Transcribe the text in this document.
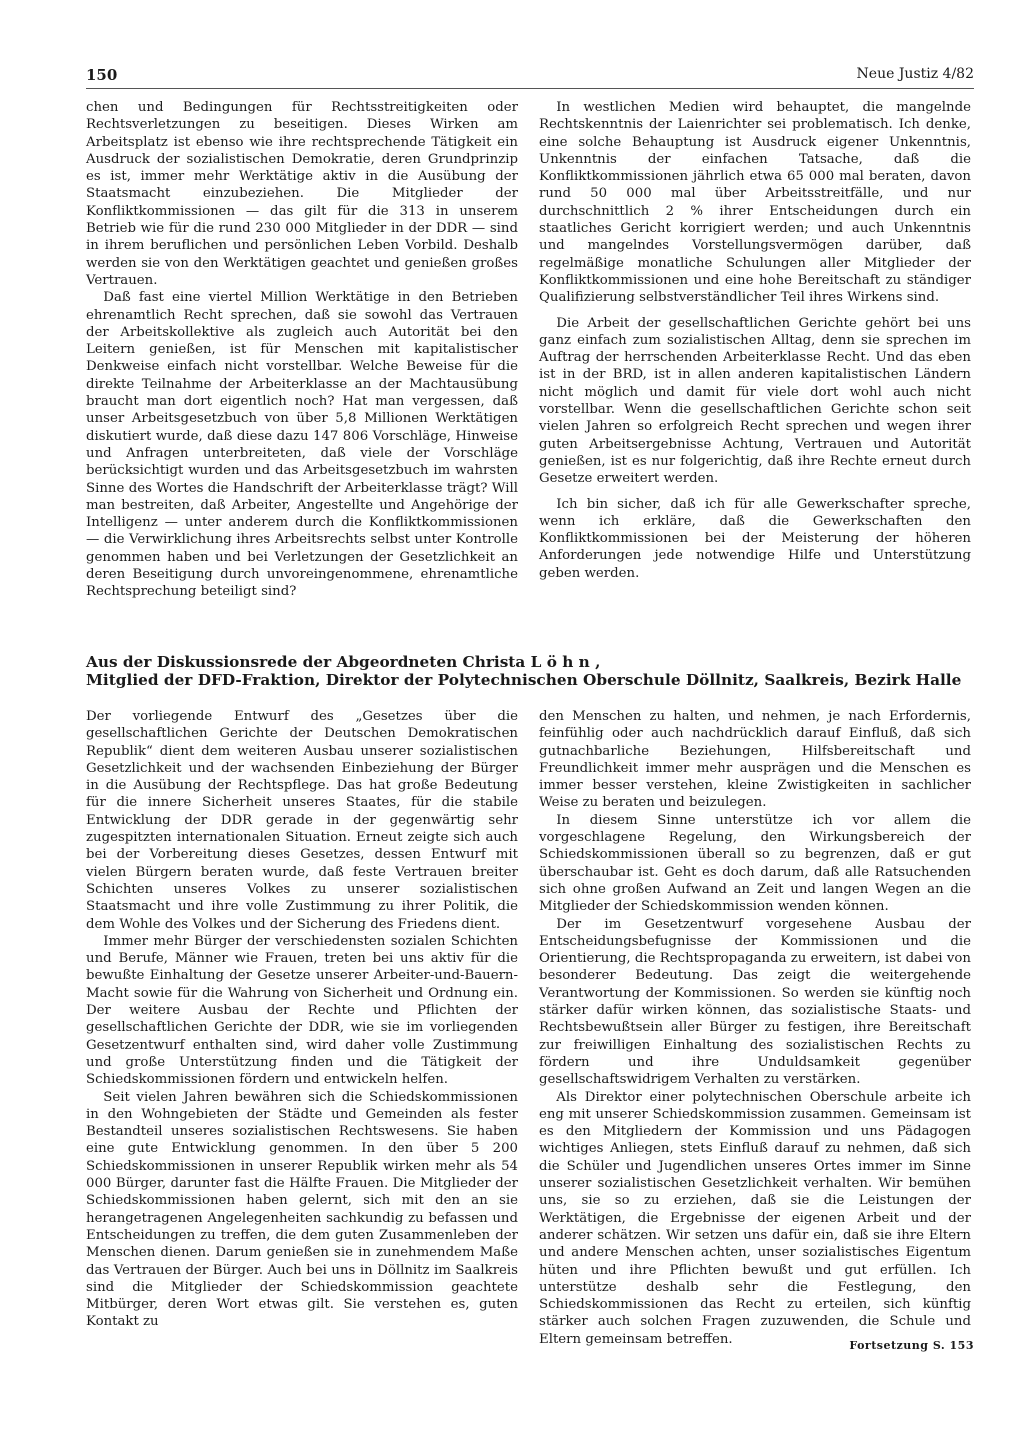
150	Neue Justiz 4/82

chen und Bedingungen für Rechtsstreitigkeiten oder Rechtsverletzungen zu beseitigen. Dieses Wirken am Arbeitsplatz ist ebenso wie ihre rechtsprechende Tätigkeit ein Ausdruck der sozialistischen Demokratie, deren Grundprinzip es ist, immer mehr Werktätige aktiv in die Ausübung der Staatsmacht einzubeziehen. Die Mitglieder der Konfliktkommissionen — das gilt für die 313 in unserem Betrieb wie für die rund 230 000 Mitglieder in der DDR — sind in ihrem beruflichen und persönlichen Leben Vorbild. Deshalb werden sie von den Werktätigen geachtet und genießen großes Vertrauen.

Daß fast eine viertel Million Werktätige in den Betrieben ehrenamtlich Recht sprechen, daß sie sowohl das Vertrauen der Arbeitskollektive als zugleich auch Autorität bei den Leitern genießen, ist für Menschen mit kapitalistischer Denkweise einfach nicht vorstellbar. Welche Beweise für die direkte Teilnahme der Arbeiterklasse an der Machtausübung braucht man dort eigentlich noch? Hat man vergessen, daß unser Arbeitsgesetzbuch von über 5,8 Millionen Werktätigen diskutiert wurde, daß diese dazu 147 806 Vorschläge, Hinweise und Anfragen unterbreiteten, daß viele der Vorschläge berücksichtigt wurden und das Arbeitsgesetzbuch im wahrsten Sinne des Wortes die Handschrift der Arbeiterklasse trägt? Will man bestreiten, daß Arbeiter, Angestellte und Angehörige der Intelligenz — unter anderem durch die Konfliktkommissionen — die Verwirklichung ihres Arbeitsrechts selbst unter Kontrolle genommen haben und bei Verletzungen der Gesetzlichkeit an deren Beseitigung durch unvoreingenommene, ehrenamtliche Rechtsprechung beteiligt sind?

In westlichen Medien wird behauptet, die mangelnde Rechtskenntnis der Laienrichter sei problematisch. Ich denke, eine solche Behauptung ist Ausdruck eigener Unkenntnis, Unkenntnis der einfachen Tatsache, daß die Konfliktkommissionen jährlich etwa 65 000 mal beraten, davon rund 50 000 mal über Arbeitsstreitfälle, und nur durchschnittlich 2 % ihrer Entscheidungen durch ein staatliches Gericht korrigiert werden; und auch Unkenntnis und mangelndes Vorstellungsvermögen darüber, daß regelmäßige monatliche Schulungen aller Mitglieder der Konfliktkommissionen und eine hohe Bereitschaft zu ständiger Qualifizierung selbstverständlicher Teil ihres Wirkens sind.

Die Arbeit der gesellschaftlichen Gerichte gehört bei uns ganz einfach zum sozialistischen Alltag, denn sie sprechen im Auftrag der herrschenden Arbeiterklasse Recht. Und das eben ist in der BRD, ist in allen anderen kapitalistischen Ländern nicht möglich und damit für viele dort wohl auch nicht vorstellbar. Wenn die gesellschaftlichen Gerichte schon seit vielen Jahren so erfolgreich Recht sprechen und wegen ihrer guten Arbeitsergebnisse Achtung, Vertrauen und Autorität genießen, ist es nur folgerichtig, daß ihre Rechte erneut durch Gesetze erweitert werden.

Ich bin sicher, daß ich für alle Gewerkschafter spreche, wenn ich erkläre, daß die Gewerkschaften den Konfliktkommissionen bei der Meisterung der höheren Anforderungen jede notwendige Hilfe und Unterstützung geben werden.

Aus der Diskussionsrede der Abgeordneten Christa L ö h n ,
Mitglied der DFD-Fraktion, Direktor der Polytechnischen Oberschule Döllnitz, Saalkreis, Bezirk Halle

Der vorliegende Entwurf des „Gesetzes über die gesellschaftlichen Gerichte der Deutschen Demokratischen Republik“ dient dem weiteren Ausbau unserer sozialistischen Gesetzlichkeit und der wachsenden Einbeziehung der Bürger in die Ausübung der Rechtspflege. Das hat große Bedeutung für die innere Sicherheit unseres Staates, für die stabile Entwicklung der DDR gerade in der gegenwärtig sehr zugespitzten internationalen Situation. Erneut zeigte sich auch bei der Vorbereitung dieses Gesetzes, dessen Entwurf mit vielen Bürgern beraten wurde, daß feste Vertrauen breiter Schichten unseres Volkes zu unserer sozialistischen Staatsmacht und ihre volle Zustimmung zu ihrer Politik, die dem Wohle des Volkes und der Sicherung des Friedens dient.

Immer mehr Bürger der verschiedensten sozialen Schichten und Berufe, Männer wie Frauen, treten bei uns aktiv für die bewußte Einhaltung der Gesetze unserer Arbeiter-und-Bauern-Macht sowie für die Wahrung von Sicherheit und Ordnung ein. Der weitere Ausbau der Rechte und Pflichten der gesellschaftlichen Gerichte der DDR, wie sie im vorliegenden Gesetzentwurf enthalten sind, wird daher volle Zustimmung und große Unterstützung finden und die Tätigkeit der Schiedskommissionen fördern und entwickeln helfen.

Seit vielen Jahren bewähren sich die Schiedskommissionen in den Wohngebieten der Städte und Gemeinden als fester Bestandteil unseres sozialistischen Rechtswesens. Sie haben eine gute Entwicklung genommen. In den über 5 200 Schiedskommissionen in unserer Republik wirken mehr als 54 000 Bürger, darunter fast die Hälfte Frauen. Die Mitglieder der Schiedskommissionen haben gelernt, sich mit den an sie herangetragenen Angelegenheiten sachkundig zu befassen und Entscheidungen zu treffen, die dem guten Zusammenleben der Menschen dienen. Darum genießen sie in zunehmendem Maße das Vertrauen der Bürger. Auch bei uns in Döllnitz im Saalkreis sind die Mitglieder der Schiedskommission geachtete Mitbürger, deren Wort etwas gilt. Sie verstehen es, guten Kontakt zu

den Menschen zu halten, und nehmen, je nach Erfordernis, feinfühlig oder auch nachdrücklich darauf Einfluß, daß sich gutnachbarliche Beziehungen, Hilfsbereitschaft und Freundlichkeit immer mehr ausprägen und die Menschen es immer besser verstehen, kleine Zwistigkeiten in sachlicher Weise zu beraten und beizulegen.

In diesem Sinne unterstütze ich vor allem die vorgeschlagene Regelung, den Wirkungsbereich der Schiedskommissionen überall so zu begrenzen, daß er gut überschaubar ist. Geht es doch darum, daß alle Ratsuchenden sich ohne großen Aufwand an Zeit und langen Wegen an die Mitglieder der Schiedskommission wenden können.

Der im Gesetzentwurf vorgesehene Ausbau der Entscheidungsbefugnisse der Kommissionen und die Orientierung, die Rechtspropaganda zu erweitern, ist dabei von besonderer Bedeutung. Das zeigt die weitergehende Verantwortung der Kommissionen. So werden sie künftig noch stärker dafür wirken können, das sozialistische Staats- und Rechtsbewußtsein aller Bürger zu festigen, ihre Bereitschaft zur freiwilligen Einhaltung des sozialistischen Rechts zu fördern und ihre Unduldsamkeit gegenüber gesellschaftswidrigem Verhalten zu verstärken.

Als Direktor einer polytechnischen Oberschule arbeite ich eng mit unserer Schiedskommission zusammen. Gemeinsam ist es den Mitgliedern der Kommission und uns Pädagogen wichtiges Anliegen, stets Einfluß darauf zu nehmen, daß sich die Schüler und Jugendlichen unseres Ortes immer im Sinne unserer sozialistischen Gesetzlichkeit verhalten. Wir bemühen uns, sie so zu erziehen, daß sie die Leistungen der Werktätigen, die Ergebnisse der eigenen Arbeit und der anderer schätzen. Wir setzen uns dafür ein, daß sie ihre Eltern und andere Menschen achten, unser sozialistisches Eigentum hüten und ihre Pflichten bewußt und gut erfüllen. Ich unterstütze deshalb sehr die Festlegung, den Schiedskommissionen das Recht zu erteilen, sich künftig stärker auch solchen Fragen zuzuwenden, die Schule und Eltern gemeinsam betreffen.	Fortsetzung S. 153
